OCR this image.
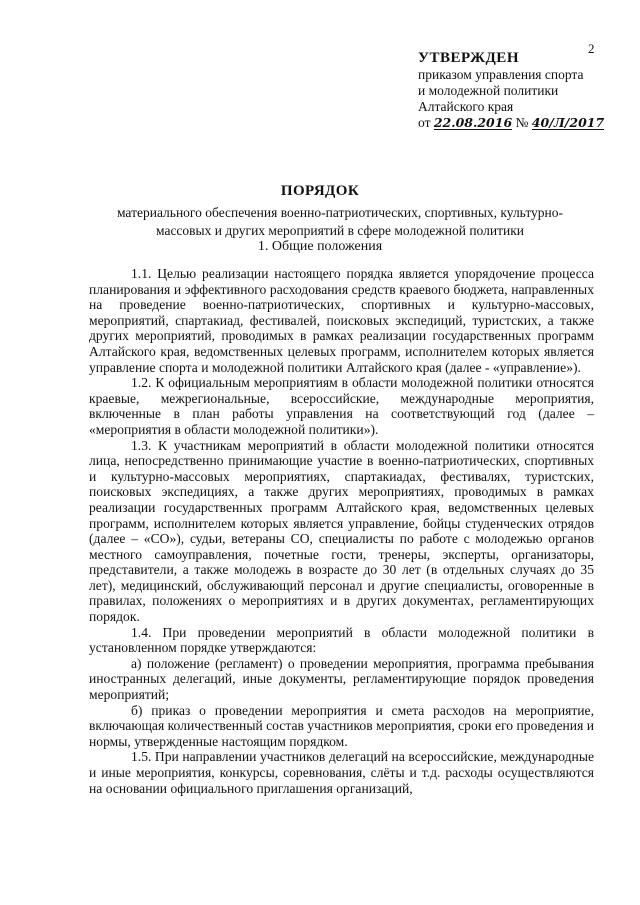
2
УТВЕРЖДЕН
приказом управления спорта
и молодежной политики
Алтайского края
от 22.08.2016 № 40/Л/2017
ПОРЯДОК
материального обеспечения военно-патриотических, спортивных, культурно-
массовых и других мероприятий в сфере молодежной политики
1. Общие положения

1.1. Целью реализации настоящего порядка является упорядочение процесса планирования и эффективного расходования средств краевого бюджета, направленных на проведение военно-патриотических, спортивных и культурно-массовых, мероприятий, спартакиад, фестивалей, поисковых экспедиций, туристских, а также других мероприятий, проводимых в рамках реализации государственных программ Алтайского края, ведомственных целевых программ, исполнителем которых является управление спорта и молодежной политики Алтайского края (далее - «управление»).

1.2. К официальным мероприятиям в области молодежной политики относятся краевые, межрегиональные, всероссийские, международные мероприятия, включенные в план работы управления на соответствующий год (далее – «мероприятия в области молодежной политики»).

1.3. К участникам мероприятий в области молодежной политики относятся лица, непосредственно принимающие участие в военно-патриотических, спортивных и культурно-массовых мероприятиях, спартакиадах, фестивалях, туристских, поисковых экспедициях, а также других мероприятиях, проводимых в рамках реализации государственных программ Алтайского края, ведомственных целевых программ, исполнителем которых является управление, бойцы студенческих отрядов (далее – «СО»), судьи, ветераны СО, специалисты по работе с молодежью органов местного самоуправления, почетные гости, тренеры, эксперты, организаторы, представители, а также молодежь в возрасте до 30 лет (в отдельных случаях до 35 лет), медицинский, обслуживающий персонал и другие специалисты, оговоренные в правилах, положениях о мероприятиях и в других документах, регламентирующих порядок.

1.4. При проведении мероприятий в области молодежной политики в установленном порядке утверждаются:

а) положение (регламент) о проведении мероприятия, программа пребывания иностранных делегаций, иные документы, регламентирующие порядок проведения мероприятий;

б) приказ о проведении мероприятия и смета расходов на мероприятие, включающая количественный состав участников мероприятия, сроки его проведения и нормы, утвержденные настоящим порядком.

1.5. При направлении участников делегаций на всероссийские, международные и иные мероприятия, конкурсы, соревнования, слёты и т.д. расходы осуществляются на основании официального приглашения организаций,
